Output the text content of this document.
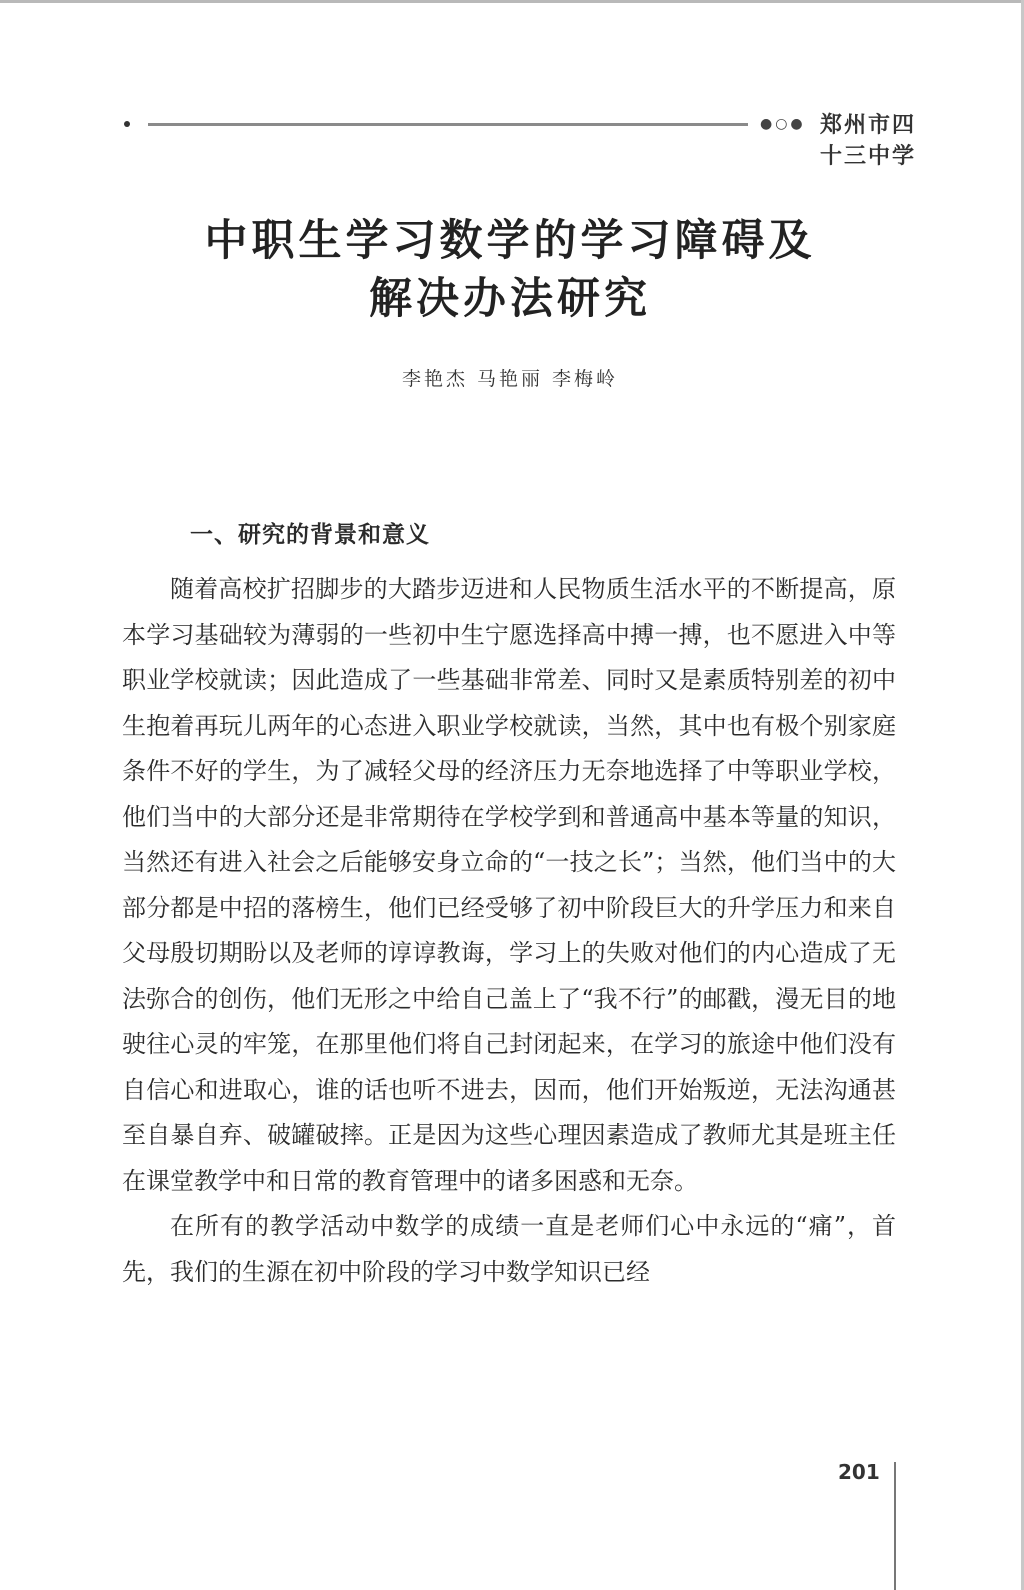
●○● 郑州市四十三中学
中职生学习数学的学习障碍及
解决办法研究
李艳杰 马艳丽 李梅岭
一、研究的背景和意义

随着高校扩招脚步的大踏步迈进和人民物质生活水平的不断提高，原本学习基础较为薄弱的一些初中生宁愿选择高中搏一搏，也不愿进入中等职业学校就读；因此造成了一些基础非常差、同时又是素质特别差的初中生抱着再玩儿两年的心态进入职业学校就读，当然，其中也有极个别家庭条件不好的学生，为了减轻父母的经济压力无奈地选择了中等职业学校，他们当中的大部分还是非常期待在学校学到和普通高中基本等量的知识，当然还有进入社会之后能够安身立命的“一技之长”；当然，他们当中的大部分都是中招的落榜生，他们已经受够了初中阶段巨大的升学压力和来自父母殷切期盼以及老师的谆谆教诲，学习上的失败对他们的内心造成了无法弥合的创伤，他们无形之中给自己盖上了“我不行”的邮戳，漫无目的地驶往心灵的牢笼，在那里他们将自己封闭起来，在学习的旅途中他们没有自信心和进取心，谁的话也听不进去，因而，他们开始叛逆，无法沟通甚至自暴自弃、破罐破摔。正是因为这些心理因素造成了教师尤其是班主任在课堂教学中和日常的教育管理中的诸多困惑和无奈。

在所有的教学活动中数学的成绩一直是老师们心中永远的“痛”，首先，我们的生源在初中阶段的学习中数学知识已经

201
